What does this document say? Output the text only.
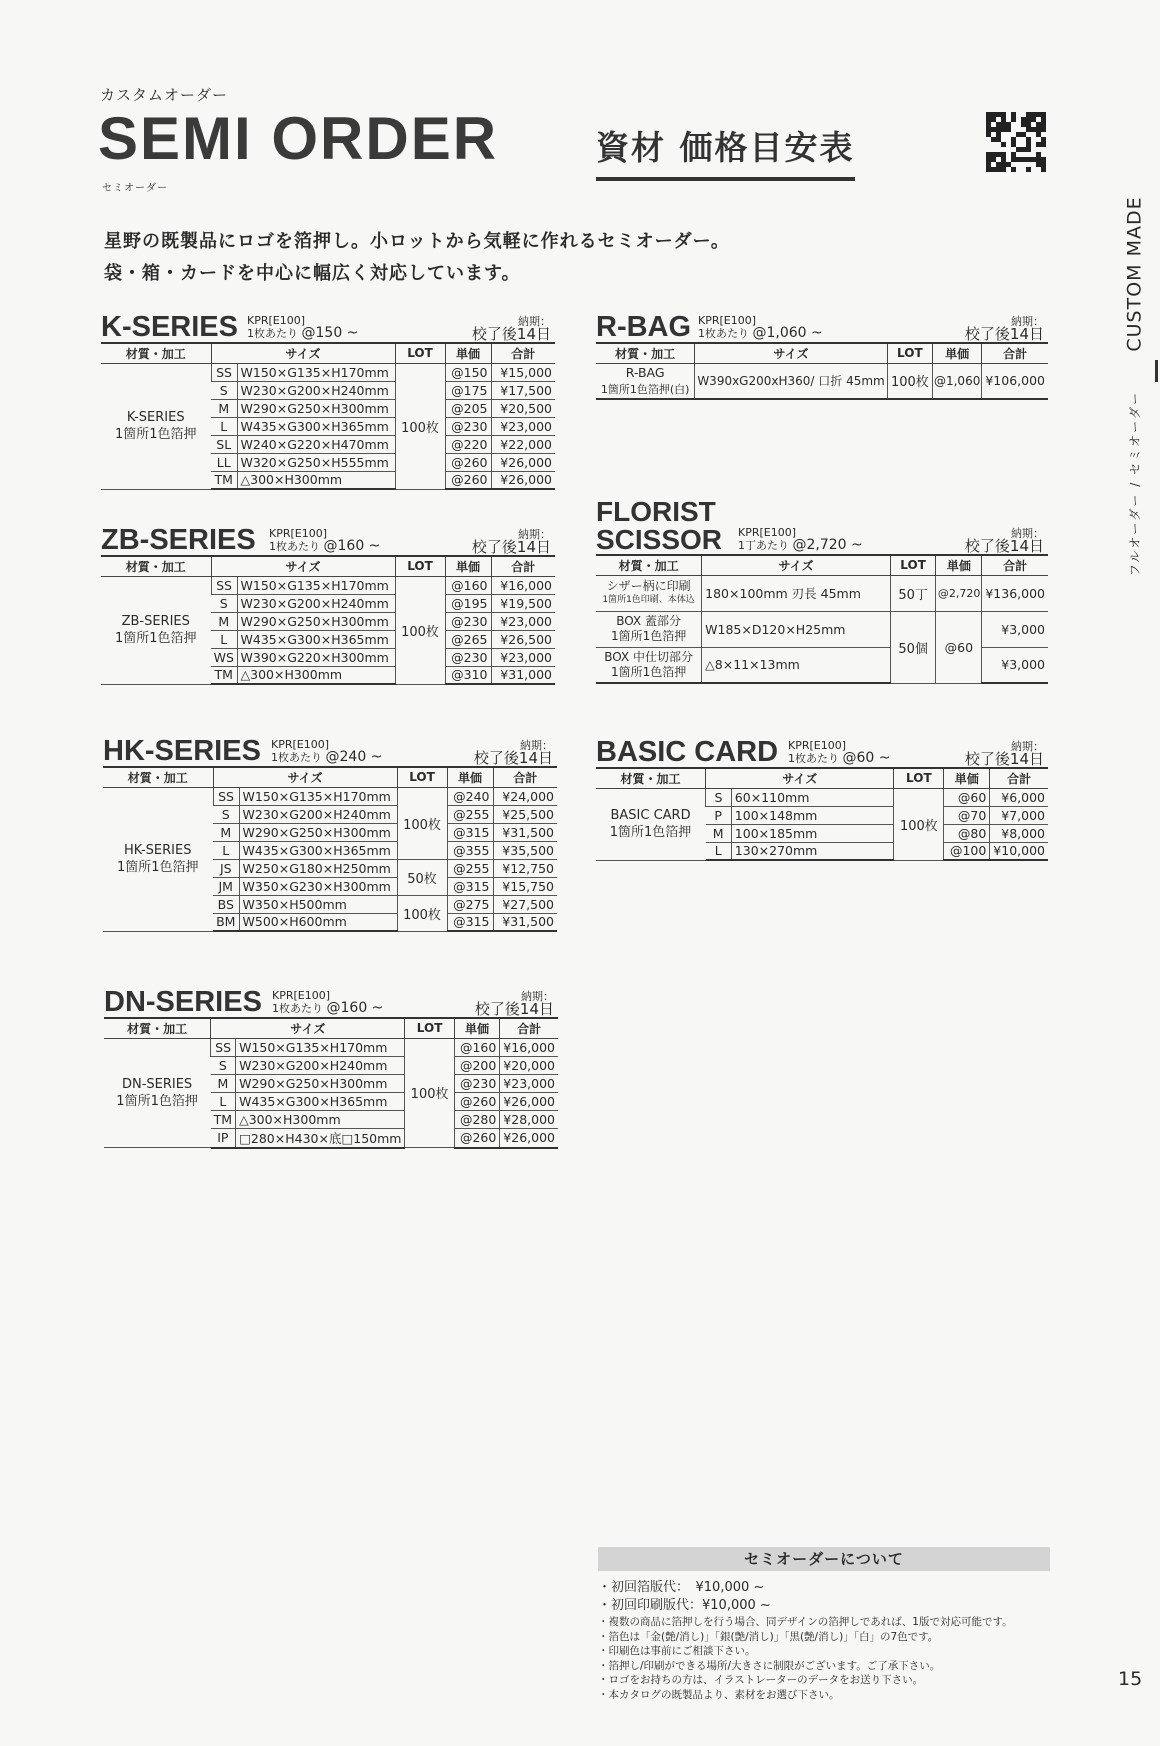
カスタムオーダー
SEMI ORDER
セミオーダー
資材 価格目安表
星野の既製品にロゴを箔押し。小ロットから気軽に作れるセミオーダー。
袋・箱・カードを中心に幅広く対応しています。	CUSTOM MADE
フルオーダー / セミオーダー
K-SERIES KPR[E100]
1枚あたり @150 ~
納期：
校了後14日
材質・加工	サイズ		LOT	単価	合計

K-SERIES
1箇所1色箔押	SS	W150×G135×H170mm	100枚	@150	¥15,000
	S	W230×G200×H240mm		@175	¥17,500
	M	W290×G250×H300mm		@205	¥20,500
	L	W435×G300×H365mm		@230	¥23,000
	SL	W240×G220×H470mm		@220	¥22,000
	LL	W320×G250×H555mm		@260	¥26,000
	TM	△300×H300mm		@260	¥26,000
ZB-SERIES KPR[E100]
1枚あたり @160 ~
納期：
校了後14日
材質・加工	サイズ		LOT	単価	合計

ZB-SERIES
1箇所1色箔押	SS	W150×G135×H170mm	100枚	@160	¥16,000
	S	W230×G200×H240mm		@195	¥19,500
	M	W290×G250×H300mm		@230	¥23,000
	L	W435×G300×H365mm		@265	¥26,500
	WS	W390×G220×H300mm		@230	¥23,000
	TM	△300×H300mm		@310	¥31,000
HK-SERIES KPR[E100]
1枚あたり @240 ~
納期：
校了後14日
材質・加工	サイズ		LOT	単価	合計

HK-SERIES
1箇所1色箔押	SS	W150×G135×H170mm	100枚	@240	¥24,000
	S	W230×G200×H240mm		@255	¥25,500
	M	W290×G250×H300mm		@315	¥31,500
	L	W435×G300×H365mm		@355	¥35,500
	JS	W250×G180×H250mm	50枚	@255	¥12,750
	JM	W350×G230×H300mm		@315	¥15,750
	BS	W350×H500mm	100枚	@275	¥27,500
	BM	W500×H600mm		@315	¥31,500
DN-SERIES KPR[E100]
1枚あたり @160 ~
納期：
校了後14日
材質・加工	サイズ		LOT	単価	合計

DN-SERIES
1箇所1色箔押	SS	W150×G135×H170mm	100枚	@160	¥16,000
	S	W230×G200×H240mm		@200	¥20,000
	M	W290×G250×H300mm		@230	¥23,000
	L	W435×G300×H365mm		@260	¥26,000
	TM	△300×H300mm		@280	¥28,000
	IP	□280×H430×底□150mm		@260	¥26,000
R-BAG KPR[E100]
1枚あたり @1,060 ~
納期：
校了後14日
材質・加工	サイズ	LOT	単価	合計

R-BAG
1箇所1色箔押(白)	W390xG200xH360/ 口折 45mm	100枚	@1,060	¥106,000
FLORIST
SCISSOR KPR[E100]
1丁あたり @2,720 ~
納期：
校了後14日
材質・加工	サイズ	LOT	単価	合計

シザー柄に印刷
1箇所1色印刷、本体込	180×100mm 刃長 45mm	50丁	@2,720	¥136,000

BOX 蓋部分
1箇所1色箔押	W185×D120×H25mm	50個	@60	¥3,000

BOX 中仕切部分
1箇所1色箔押	△8×11×13mm			¥3,000
BASIC CARD KPR[E100]
1枚あたり @60 ~
納期：
校了後14日
材質・加工	サイズ		LOT	単価	合計

BASIC CARD
1箇所1色箔押	S	60×110mm	100枚	@60	¥6,000
	P	100×148mm		@70	¥7,000
	M	100×185mm		@80	¥8,000
	L	130×270mm		@100	¥10,000
セミオーダーについて
・初回箔版代：　¥10,000 ~
・初回印刷版代：¥10,000 ~
・複数の商品に箔押しを行う場合、同デザインの箔押しであれば、1版で対応可能です。
・箔色は「金(艶/消し)」「銀(艶/消し)」「黒(艶/消し)」「白」の7色です。
・印刷色は事前にご相談下さい。
・箔押し/印刷ができる場所/大きさに制限がございます。ご了承下さい。
・ロゴをお持ちの方は、イラストレーターのデータをお送り下さい。
・本カタログの既製品より、素材をお選び下さい。
15
